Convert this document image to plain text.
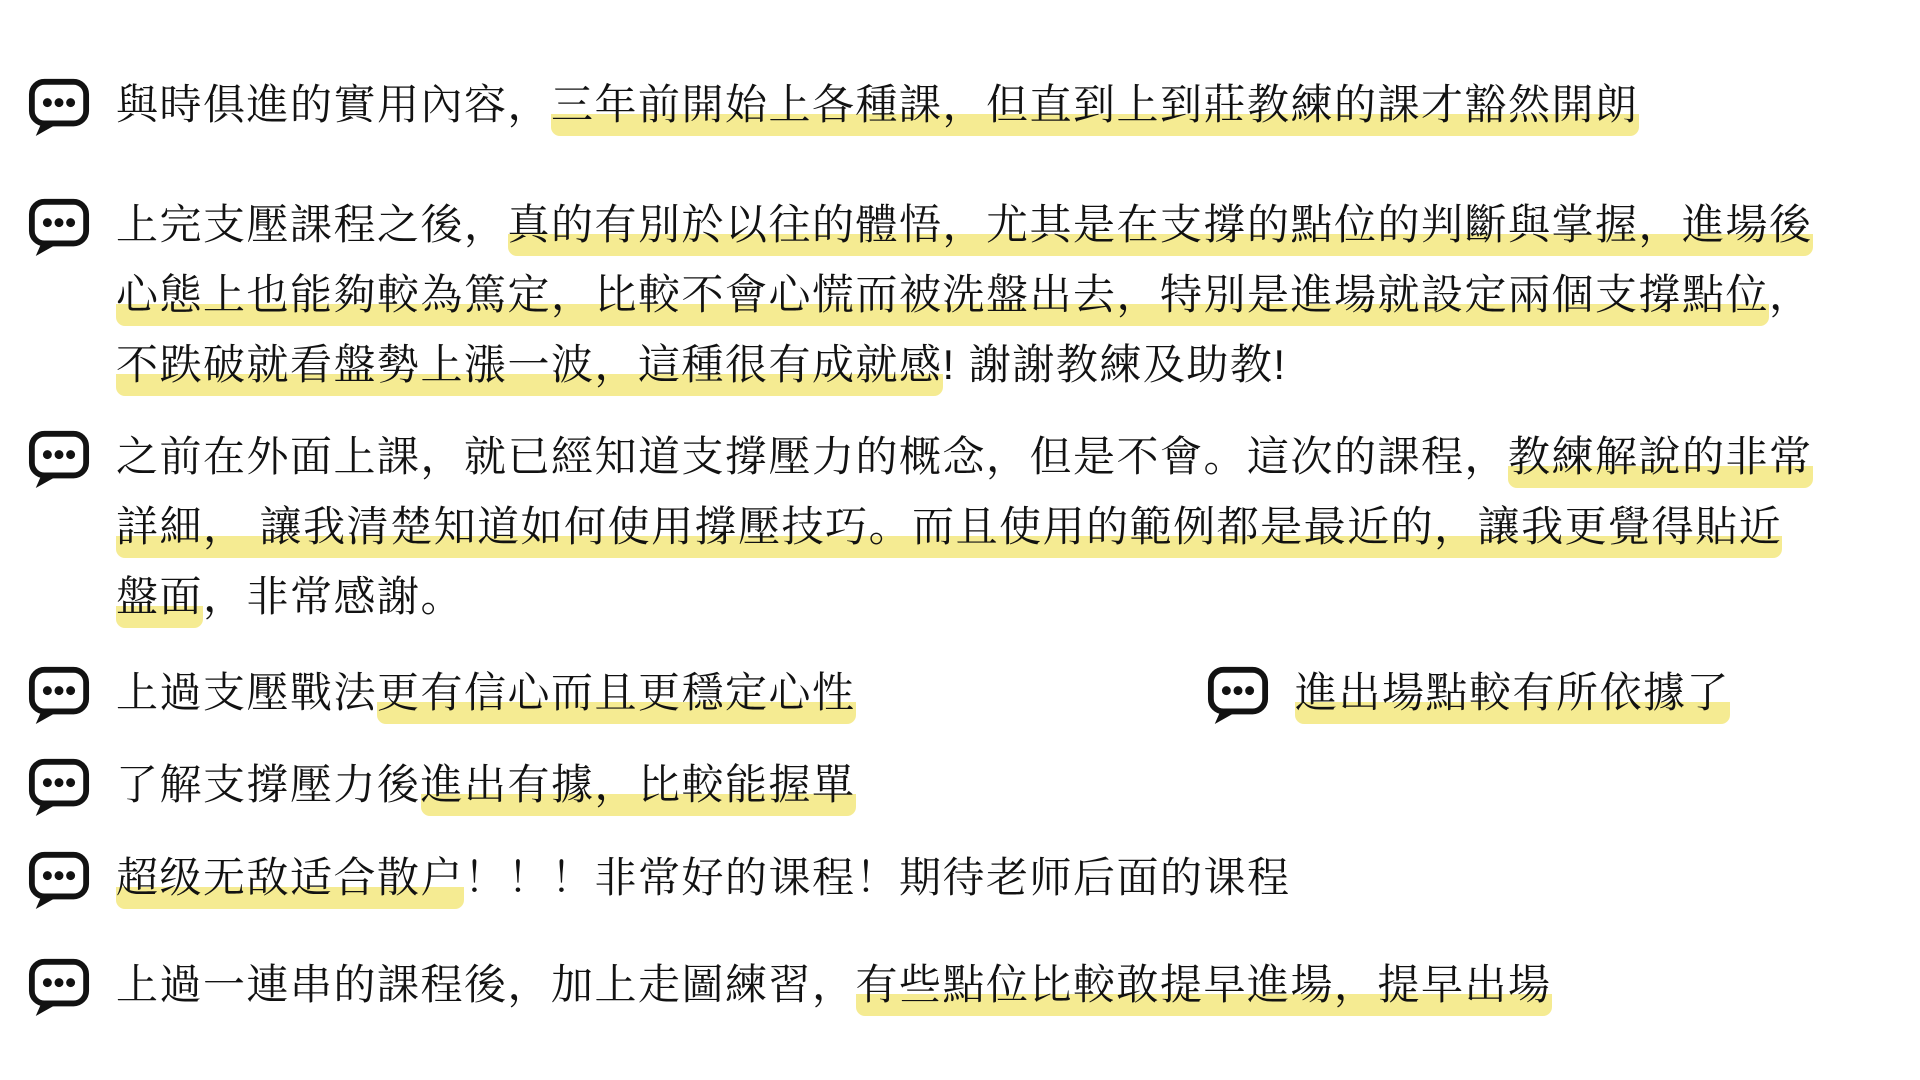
與時俱進的實用內容，三年前開始上各種課，但直到上到莊教練的課才豁然開朗
上完支壓課程之後，真的有別於以往的體悟，尤其是在支撐的點位的判斷與掌握，進場後
心態上也能夠較為篤定，比較不會心慌而被洗盤出去，特別是進場就設定兩個支撐點位，
不跌破就看盤勢上漲一波，這種很有成就感! 謝謝教練及助教!
之前在外面上課，就已經知道支撐壓力的概念，但是不會。這次的課程，教練解說的非常
詳細， 讓我清楚知道如何使用撐壓技巧。而且使用的範例都是最近的，讓我更覺得貼近
盤面，非常感謝。
上過支壓戰法更有信心而且更穩定心性	進出場點較有所依據了
了解支撐壓力後進出有據，比較能握單
超级无敌适合散户！！！非常好的课程！期待老师后面的课程
上過一連串的課程後，加上走圖練習，有些點位比較敢提早進場，提早出場
